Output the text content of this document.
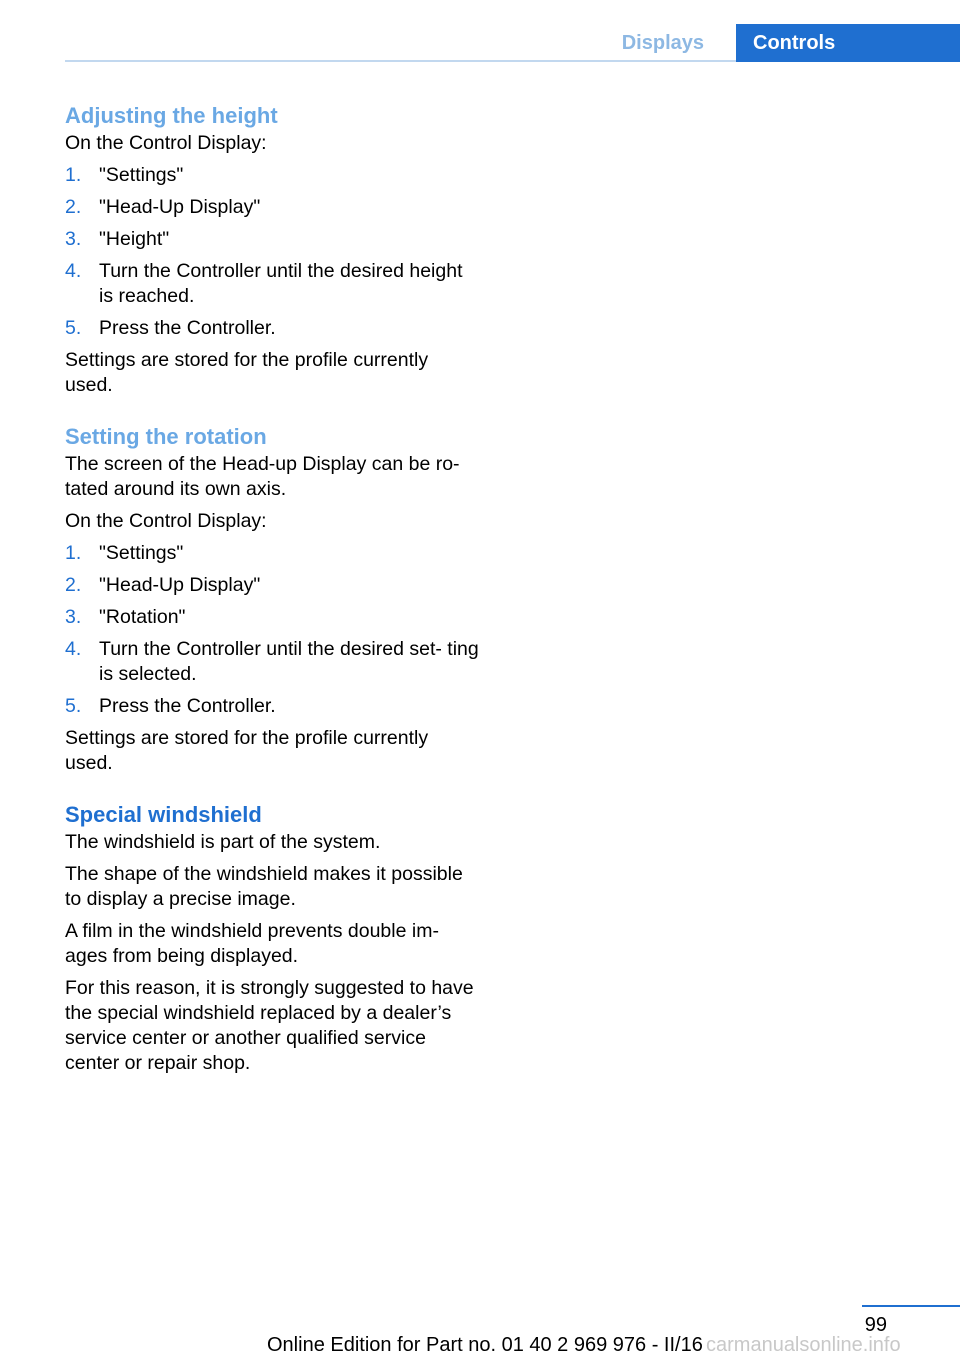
Displays	Controls
Adjusting the height

On the Control Display:

1. "Settings"
2. "Head-Up Display"
3. "Height"
4. Turn the Controller until the desired height is reached.
5. Press the Controller.

Settings are stored for the profile currently used.

Setting the rotation

The screen of the Head-up Display can be ro‐ tated around its own axis.

On the Control Display:

1. "Settings"
2. "Head-Up Display"
3. "Rotation"
4. Turn the Controller until the desired set‐ ting is selected.
5. Press the Controller.

Settings are stored for the profile currently used.

Special windshield

The windshield is part of the system.

The shape of the windshield makes it possible to display a precise image.

A film in the windshield prevents double im‐ ages from being displayed.

For this reason, it is strongly suggested to have the special windshield replaced by a dealer’s service center or another qualified service center or repair shop.

99
Online Edition for Part no. 01 40 2 969 976 - II/16 carmanualsonline.info
